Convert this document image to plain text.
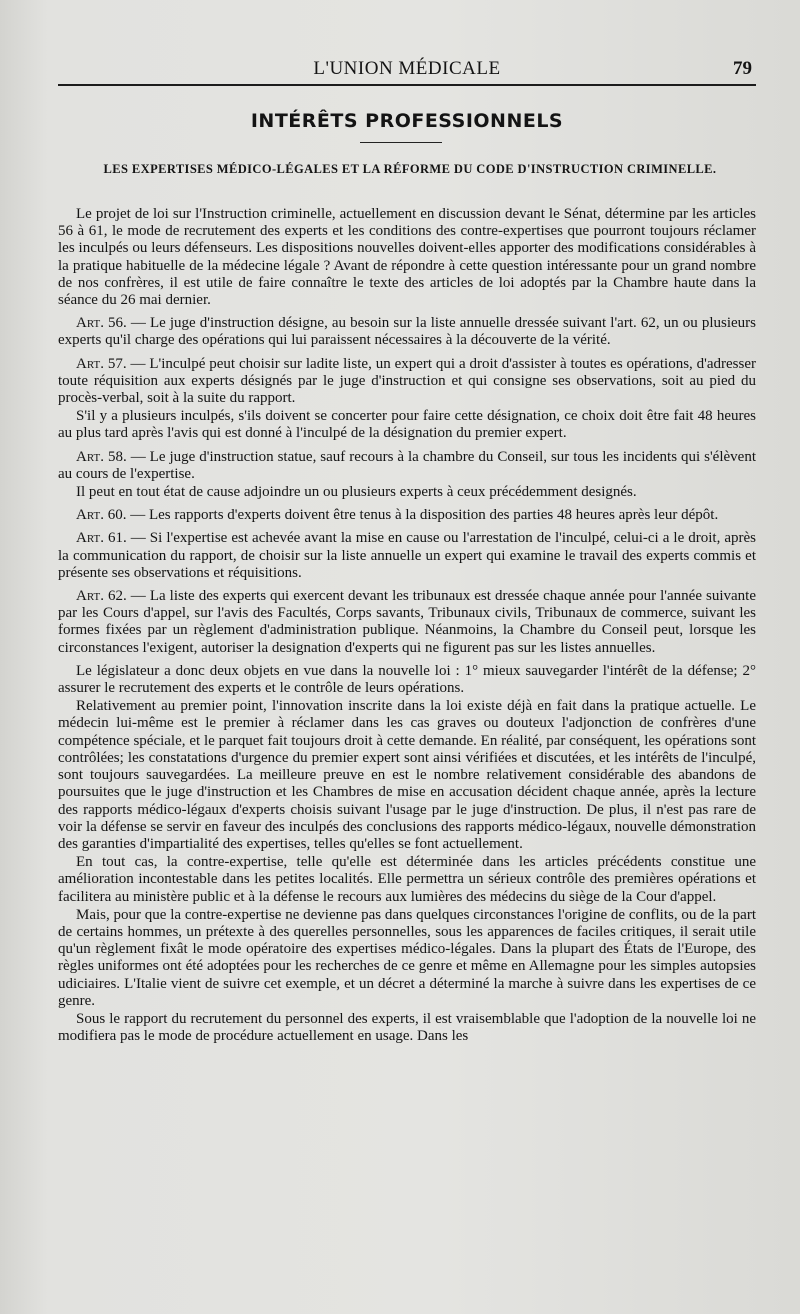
L'UNION MÉDICALE	79
INTÉRÊTS PROFESSIONNELS
LES EXPERTISES MÉDICO-LÉGALES ET LA RÉFORME DU CODE D'INSTRUCTION CRIMINELLE.

Le projet de loi sur l'Instruction criminelle, actuellement en discussion devant le Sénat, détermine par les articles 56 à 61, le mode de recrutement des experts et les conditions des contre-expertises que pourront toujours réclamer les inculpés ou leurs défenseurs. Les dispositions nouvelles doivent-elles apporter des modifications considérables à la pratique habituelle de la médecine légale ? Avant de répondre à cette question intéressante pour un grand nombre de nos confrères, il est utile de faire connaître le texte des articles de loi adoptés par la Chambre haute dans la séance du 26 mai dernier.

Art. 56. — Le juge d'instruction désigne, au besoin sur la liste annuelle dressée suivant l'art. 62, un ou plusieurs experts qu'il charge des opérations qui lui paraissent nécessaires à la découverte de la vérité.

Art. 57. — L'inculpé peut choisir sur ladite liste, un expert qui a droit d'assister à toutes es opérations, d'adresser toute réquisition aux experts désignés par le juge d'instruction et qui consigne ses observations, soit au pied du procès-verbal, soit à la suite du rapport.

S'il y a plusieurs inculpés, s'ils doivent se concerter pour faire cette désignation, ce choix doit être fait 48 heures au plus tard après l'avis qui est donné à l'inculpé de la désignation du premier expert.

Art. 58. — Le juge d'instruction statue, sauf recours à la chambre du Conseil, sur tous les incidents qui s'élèvent au cours de l'expertise.

Il peut en tout état de cause adjoindre un ou plusieurs experts à ceux précédemment designés.

Art. 60. — Les rapports d'experts doivent être tenus à la disposition des parties 48 heures après leur dépôt.

Art. 61. — Si l'expertise est achevée avant la mise en cause ou l'arrestation de l'inculpé, celui-ci a le droit, après la communication du rapport, de choisir sur la liste annuelle un expert qui examine le travail des experts commis et présente ses observations et réquisitions.

Art. 62. — La liste des experts qui exercent devant les tribunaux est dressée chaque année pour l'année suivante par les Cours d'appel, sur l'avis des Facultés, Corps savants, Tribunaux civils, Tribunaux de commerce, suivant les formes fixées par un règlement d'administration publique. Néanmoins, la Chambre du Conseil peut, lorsque les circonstances l'exigent, autoriser la designation d'experts qui ne figurent pas sur les listes annuelles.

Le législateur a donc deux objets en vue dans la nouvelle loi : 1° mieux sauvegarder l'intérêt de la défense; 2° assurer le recrutement des experts et le contrôle de leurs opérations.

Relativement au premier point, l'innovation inscrite dans la loi existe déjà en fait dans la pratique actuelle. Le médecin lui-même est le premier à réclamer dans les cas graves ou douteux l'adjonction de confrères d'une compétence spéciale, et le parquet fait toujours droit à cette demande. En réalité, par conséquent, les opérations sont contrôlées; les constatations d'urgence du premier expert sont ainsi vérifiées et discutées, et les intérêts de l'inculpé, sont toujours sauvegardées. La meilleure preuve en est le nombre relativement considérable des abandons de poursuites que le juge d'instruction et les Chambres de mise en accusation décident chaque année, après la lecture des rapports médico-légaux d'experts choisis suivant l'usage par le juge d'instruction. De plus, il n'est pas rare de voir la défense se servir en faveur des inculpés des conclusions des rapports médico-légaux, nouvelle démonstration des garanties d'impartialité des expertises, telles qu'elles se font actuellement.

En tout cas, la contre-expertise, telle qu'elle est déterminée dans les articles précédents constitue une amélioration incontestable dans les petites localités. Elle permettra un sérieux contrôle des premières opérations et facilitera au ministère public et à la défense le recours aux lumières des médecins du siège de la Cour d'appel.

Mais, pour que la contre-expertise ne devienne pas dans quelques circonstances l'origine de conflits, ou de la part de certains hommes, un prétexte à des querelles personnelles, sous les apparences de faciles critiques, il serait utile qu'un règlement fixât le mode opératoire des expertises médico-légales. Dans la plupart des États de l'Europe, des règles uniformes ont été adoptées pour les recherches de ce genre et même en Allemagne pour les simples autopsies udiciaires. L'Italie vient de suivre cet exemple, et un décret a déterminé la marche à suivre dans les expertises de ce genre.

Sous le rapport du recrutement du personnel des experts, il est vraisemblable que l'adoption de la nouvelle loi ne modifiera pas le mode de procédure actuellement en usage. Dans les
